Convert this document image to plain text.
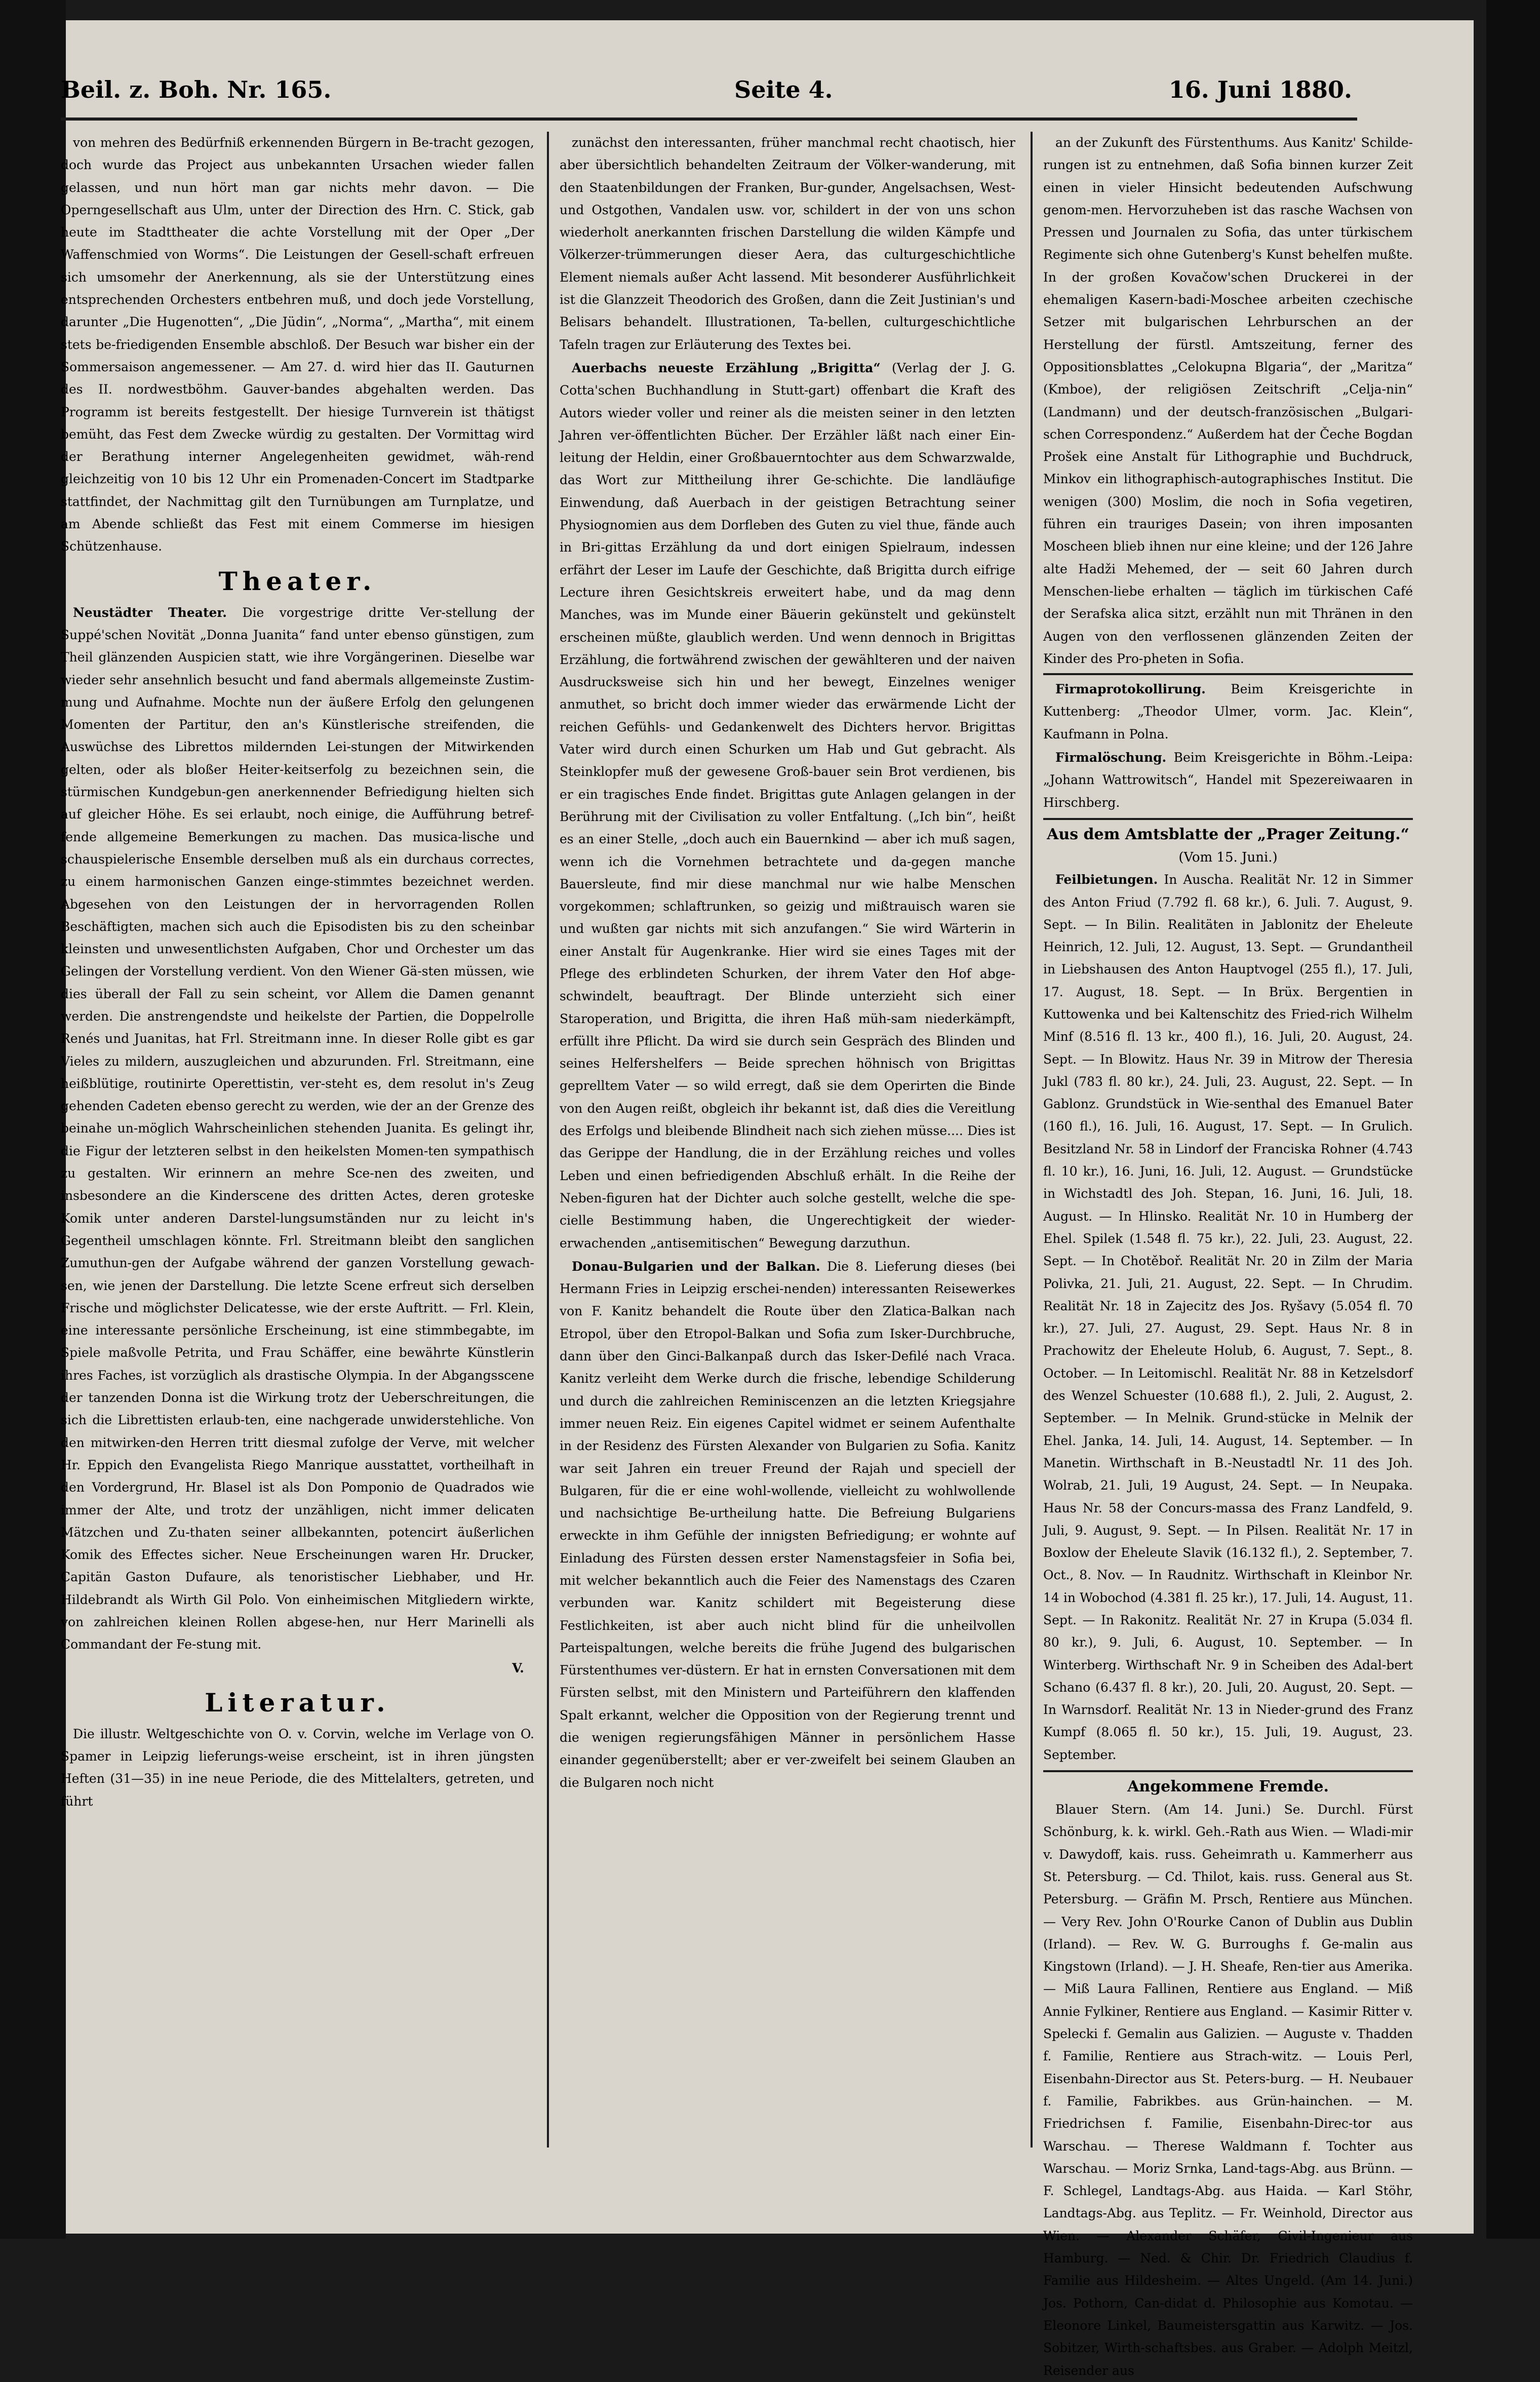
Beil. z. Boh. Nr. 165.	Seite 4.	16. Juni 1880.

von mehren des Bedürfniß erkennenden Bürgern in Be-tracht gezogen, doch wurde das Project aus unbekannten Ursachen wieder fallen gelassen, und nun hört man gar nichts mehr davon. — Die Operngesellschaft aus Ulm, unter der Direction des Hrn. C. Stick, gab heute im Stadttheater die achte Vorstellung mit der Oper „Der Waffenschmied von Worms“. Die Leistungen der Gesell-schaft erfreuen sich umsomehr der Anerkennung, als sie der Unterstützung eines entsprechenden Orchesters entbehren muß, und doch jede Vorstellung, darunter „Die Hugenotten“, „Die Jüdin“, „Norma“, „Martha“, mit einem stets be-friedigenden Ensemble abschloß. Der Besuch war bisher ein der Sommersaison angemessener. — Am 27. d. wird hier das II. Gauturnen des II. nordwestböhm. Gauver-bandes abgehalten werden. Das Programm ist bereits festgestellt. Der hiesige Turnverein ist thätigst bemüht, das Fest dem Zwecke würdig zu gestalten. Der Vormittag wird der Berathung interner Angelegenheiten gewidmet, wäh-rend gleichzeitig von 10 bis 12 Uhr ein Promenaden-Concert im Stadtparke stattfindet, der Nachmittag gilt den Turnübungen am Turnplatze, und am Abende schließt das Fest mit einem Commerse im hiesigen Schützenhause.

Theater.

Neustädter Theater. Die vorgestrige dritte Ver-stellung der Suppé'schen Novität „Donna Juanita“ fand unter ebenso günstigen, zum Theil glänzenden Auspicien statt, wie ihre Vorgängerinen. Dieselbe war wieder sehr ansehnlich besucht und fand abermals allgemeinste Zustim-mung und Aufnahme. Mochte nun der äußere Erfolg den gelungenen Momenten der Partitur, den an's Künstlerische streifenden, die Auswüchse des Librettos mildernden Lei-stungen der Mitwirkenden gelten, oder als bloßer Heiter-keitserfolg zu bezeichnen sein, die stürmischen Kundgebun-gen anerkennender Befriedigung hielten sich auf gleicher Höhe. Es sei erlaubt, noch einige, die Aufführung betref-fende allgemeine Bemerkungen zu machen. Das musica-lische und schauspielerische Ensemble derselben muß als ein durchaus correctes, zu einem harmonischen Ganzen einge-stimmtes bezeichnet werden. Abgesehen von den Leistungen der in hervorragenden Rollen Beschäftigten, machen sich auch die Episodisten bis zu den scheinbar kleinsten und unwesentlichsten Aufgaben, Chor und Orchester um das Gelingen der Vorstellung verdient. Von den Wiener Gä-sten müssen, wie dies überall der Fall zu sein scheint, vor Allem die Damen genannt werden. Die anstrengendste und heikelste der Partien, die Doppelrolle Renés und Juanitas, hat Frl. Streitmann inne. In dieser Rolle gibt es gar Vieles zu mildern, auszugleichen und abzurunden. Frl. Streitmann, eine heißblütige, routinirte Operettistin, ver-steht es, dem resolut in's Zeug gehenden Cadeten ebenso gerecht zu werden, wie der an der Grenze des beinahe un-möglich Wahrscheinlichen stehenden Juanita. Es gelingt ihr, die Figur der letzteren selbst in den heikelsten Momen-ten sympathisch zu gestalten. Wir erinnern an mehre Sce-nen des zweiten, und insbesondere an die Kinderscene des dritten Actes, deren groteske Komik unter anderen Darstel-lungsumständen nur zu leicht in's Gegentheil umschlagen könnte. Frl. Streitmann bleibt den sanglichen Zumuthun-gen der Aufgabe während der ganzen Vorstellung gewach-sen, wie jenen der Darstellung. Die letzte Scene erfreut sich derselben Frische und möglichster Delicatesse, wie der erste Auftritt. — Frl. Klein, eine interessante persönliche Erscheinung, ist eine stimmbegabte, im Spiele maßvolle Petrita, und Frau Schäffer, eine bewährte Künstlerin ihres Faches, ist vorzüglich als drastische Olympia. In der Abgangsscene der tanzenden Donna ist die Wirkung trotz der Ueberschreitungen, die sich die Librettisten erlaub-ten, eine nachgerade unwiderstehliche. Von den mitwirken-den Herren tritt diesmal zufolge der Verve, mit welcher Hr. Eppich den Evangelista Riego Manrique ausstattet, vortheilhaft in den Vordergrund, Hr. Blasel ist als Don Pomponio de Quadrados wie immer der Alte, und trotz der unzähligen, nicht immer delicaten Mätzchen und Zu-thaten seiner allbekannten, potencirt äußerlichen Komik des Effectes sicher. Neue Erscheinungen waren Hr. Drucker, Capitän Gaston Dufaure, als tenoristischer Liebhaber, und Hr. Hildebrandt als Wirth Gil Polo. Von einheimischen Mitgliedern wirkte, von zahlreichen kleinen Rollen abgese-hen, nur Herr Marinelli als Commandant der Fe-stung mit.

V.
Literatur.

Die illustr. Weltgeschichte von O. v. Corvin, welche im Verlage von O. Spamer in Leipzig lieferungs-weise erscheint, ist in ihren jüngsten Heften (31—35) in ine neue Periode, die des Mittelalters, getreten, und führt

zunächst den interessanten, früher manchmal recht chaotisch, hier aber übersichtlich behandelten Zeitraum der Völker-wanderung, mit den Staatenbildungen der Franken, Bur-gunder, Angelsachsen, West- und Ostgothen, Vandalen usw. vor, schildert in der von uns schon wiederholt anerkannten frischen Darstellung die wilden Kämpfe und Völkerzer-trümmerungen dieser Aera, das culturgeschichtliche Element niemals außer Acht lassend. Mit besonderer Ausführlichkeit ist die Glanzzeit Theodorich des Großen, dann die Zeit Justinian's und Belisars behandelt. Illustrationen, Ta-bellen, culturgeschichtliche Tafeln tragen zur Erläuterung des Textes bei.

Auerbachs neueste Erzählung „Brigitta“ (Verlag der J. G. Cotta'schen Buchhandlung in Stutt-gart) offenbart die Kraft des Autors wieder voller und reiner als die meisten seiner in den letzten Jahren ver-öffentlichten Bücher. Der Erzähler läßt nach einer Ein-leitung der Heldin, einer Großbauerntochter aus dem Schwarzwalde, das Wort zur Mittheilung ihrer Ge-schichte. Die landläufige Einwendung, daß Auerbach in der geistigen Betrachtung seiner Physiognomien aus dem Dorfleben des Guten zu viel thue, fände auch in Bri-gittas Erzählung da und dort einigen Spielraum, indessen erfährt der Leser im Laufe der Geschichte, daß Brigitta durch eifrige Lecture ihren Gesichtskreis erweitert habe, und da mag denn Manches, was im Munde einer Bäuerin gekünstelt und gekünstelt erscheinen müßte, glaublich werden. Und wenn dennoch in Brigittas Erzählung, die fortwährend zwischen der gewählteren und der naiven Ausdrucksweise sich hin und her bewegt, Einzelnes weniger anmuthet, so bricht doch immer wieder das erwärmende Licht der reichen Gefühls- und Gedankenwelt des Dichters hervor. Brigittas Vater wird durch einen Schurken um Hab und Gut gebracht. Als Steinklopfer muß der gewesene Groß-bauer sein Brot verdienen, bis er ein tragisches Ende findet. Brigittas gute Anlagen gelangen in der Berührung mit der Civilisation zu voller Entfaltung. („Ich bin“, heißt es an einer Stelle, „doch auch ein Bauernkind — aber ich muß sagen, wenn ich die Vornehmen betrachtete und da-gegen manche Bauersleute, find mir diese manchmal nur wie halbe Menschen vorgekommen; schlaftrunken, so geizig und mißtrauisch waren sie und wußten gar nichts mit sich anzufangen.“ Sie wird Wärterin in einer Anstalt für Augenkranke. Hier wird sie eines Tages mit der Pflege des erblindeten Schurken, der ihrem Vater den Hof abge-schwindelt, beauftragt. Der Blinde unterzieht sich einer Staroperation, und Brigitta, die ihren Haß müh-sam niederkämpft, erfüllt ihre Pflicht. Da wird sie durch sein Gespräch des Blinden und seines Helfershelfers — Beide sprechen höhnisch von Brigittas geprelltem Vater — so wild erregt, daß sie dem Operirten die Binde von den Augen reißt, obgleich ihr bekannt ist, daß dies die Vereitlung des Erfolgs und bleibende Blindheit nach sich ziehen müsse.... Dies ist das Gerippe der Handlung, die in der Erzählung reiches und volles Leben und einen befriedigenden Abschluß erhält. In die Reihe der Neben-figuren hat der Dichter auch solche gestellt, welche die spe-cielle Bestimmung haben, die Ungerechtigkeit der wieder-erwachenden „antisemitischen“ Bewegung darzuthun.

Donau-Bulgarien und der Balkan. Die 8. Lieferung dieses (bei Hermann Fries in Leipzig erschei-nenden) interessanten Reisewerkes von F. Kanitz behandelt die Route über den Zlatica-Balkan nach Etropol, über den Etropol-Balkan und Sofia zum Isker-Durchbruche, dann über den Ginci-Balkanpaß durch das Isker-Defilé nach Vraca. Kanitz verleiht dem Werke durch die frische, lebendige Schilderung und durch die zahlreichen Reminiscenzen an die letzten Kriegsjahre immer neuen Reiz. Ein eigenes Capitel widmet er seinem Aufenthalte in der Residenz des Fürsten Alexander von Bulgarien zu Sofia. Kanitz war seit Jahren ein treuer Freund der Rajah und speciell der Bulgaren, für die er eine wohl-wollende, vielleicht zu wohlwollende und nachsichtige Be-urtheilung hatte. Die Befreiung Bulgariens erweckte in ihm Gefühle der innigsten Befriedigung; er wohnte auf Einladung des Fürsten dessen erster Namenstagsfeier in Sofia bei, mit welcher bekanntlich auch die Feier des Namenstags des Czaren verbunden war. Kanitz schildert mit Begeisterung diese Festlichkeiten, ist aber auch nicht blind für die unheilvollen Parteispaltungen, welche bereits die frühe Jugend des bulgarischen Fürstenthumes ver-düstern. Er hat in ernsten Conversationen mit dem Fürsten selbst, mit den Ministern und Parteiführern den klaffenden Spalt erkannt, welcher die Opposition von der Regierung trennt und die wenigen regierungsfähigen Männer in persönlichem Hasse einander gegenüberstellt; aber er ver-zweifelt bei seinem Glauben an die Bulgaren noch nicht

an der Zukunft des Fürstenthums. Aus Kanitz' Schilde-rungen ist zu entnehmen, daß Sofia binnen kurzer Zeit einen in vieler Hinsicht bedeutenden Aufschwung genom-men. Hervorzuheben ist das rasche Wachsen von Pressen und Journalen zu Sofia, das unter türkischem Regimente sich ohne Gutenberg's Kunst behelfen mußte. In der großen Kovačow'schen Druckerei in der ehemaligen Kasern-badi-Moschee arbeiten czechische Setzer mit bulgarischen Lehrburschen an der Herstellung der fürstl. Amtszeitung, ferner des Oppositionsblattes „Celokupna Blgaria“, der „Maritza“ (Kmboe), der religiösen Zeitschrift „Celja-nin“ (Landmann) und der deutsch-französischen „Bulgari-schen Correspondenz.“ Außerdem hat der Čeche Bogdan Prošek eine Anstalt für Lithographie und Buchdruck, Minkov ein lithographisch-autographisches Institut. Die wenigen (300) Moslim, die noch in Sofia vegetiren, führen ein trauriges Dasein; von ihren imposanten Moscheen blieb ihnen nur eine kleine; und der 126 Jahre alte Hadži Mehemed, der — seit 60 Jahren durch Menschen-liebe erhalten — täglich im türkischen Café der Serafska alica sitzt, erzählt nun mit Thränen in den Augen von den verflossenen glänzenden Zeiten der Kinder des Pro-pheten in Sofia.

Firmaprotokollirung. Beim Kreisgerichte in Kuttenberg: „Theodor Ulmer, vorm. Jac. Klein“, Kaufmann in Polna.

Firmalöschung. Beim Kreisgerichte in Böhm.-Leipa: „Johann Wattrowitsch“, Handel mit Spezereiwaaren in Hirschberg.

Aus dem Amtsblatte der „Prager Zeitung.“
(Vom 15. Juni.)

Feilbietungen. In Auscha. Realität Nr. 12 in Simmer des Anton Friud (7.792 fl. 68 kr.), 6. Juli. 7. August, 9. Sept. — In Bilin. Realitäten in Jablonitz der Eheleute Heinrich, 12. Juli, 12. August, 13. Sept. — Grundantheil in Liebshausen des Anton Hauptvogel (255 fl.), 17. Juli, 17. August, 18. Sept. — In Brüx. Bergentien in Kuttowenka und bei Kaltenschitz des Fried-rich Wilhelm Minf (8.516 fl. 13 kr., 400 fl.), 16. Juli, 20. August, 24. Sept. — In Blowitz. Haus Nr. 39 in Mitrow der Theresia Jukl (783 fl. 80 kr.), 24. Juli, 23. August, 22. Sept. — In Gablonz. Grundstück in Wie-senthal des Emanuel Bater (160 fl.), 16. Juli, 16. August, 17. Sept. — In Grulich. Besitzland Nr. 58 in Lindorf der Franciska Rohner (4.743 fl. 10 kr.), 16. Juni, 16. Juli, 12. August. — Grundstücke in Wichstadtl des Joh. Stepan, 16. Juni, 16. Juli, 18. August. — In Hlinsko. Realität Nr. 10 in Humberg der Ehel. Spilek (1.548 fl. 75 kr.), 22. Juli, 23. August, 22. Sept. — In Chotěboř. Realität Nr. 20 in Zilm der Maria Polivka, 21. Juli, 21. August, 22. Sept. — In Chrudim. Realität Nr. 18 in Zajecitz des Jos. Ryšavy (5.054 fl. 70 kr.), 27. Juli, 27. August, 29. Sept. Haus Nr. 8 in Prachowitz der Eheleute Holub, 6. August, 7. Sept., 8. October. — In Leitomischl. Realität Nr. 88 in Ketzelsdorf des Wenzel Schuester (10.688 fl.), 2. Juli, 2. August, 2. September. — In Melnik. Grund-stücke in Melnik der Ehel. Janka, 14. Juli, 14. August, 14. September. — In Manetin. Wirthschaft in B.-Neustadtl Nr. 11 des Joh. Wolrab, 21. Juli, 19 August, 24. Sept. — In Neupaka. Haus Nr. 58 der Concurs-massa des Franz Landfeld, 9. Juli, 9. August, 9. Sept. — In Pilsen. Realität Nr. 17 in Boxlow der Eheleute Slavik (16.132 fl.), 2. September, 7. Oct., 8. Nov. — In Raudnitz. Wirthschaft in Kleinbor Nr. 14 in Wobochod (4.381 fl. 25 kr.), 17. Juli, 14. August, 11. Sept. — In Rakonitz. Realität Nr. 27 in Krupa (5.034 fl. 80 kr.), 9. Juli, 6. August, 10. September. — In Winterberg. Wirthschaft Nr. 9 in Scheiben des Adal-bert Schano (6.437 fl. 8 kr.), 20. Juli, 20. August, 20. Sept. — In Warnsdorf. Realität Nr. 13 in Nieder-grund des Franz Kumpf (8.065 fl. 50 kr.), 15. Juli, 19. August, 23. September.

Angekommene Fremde.

Blauer Stern. (Am 14. Juni.) Se. Durchl. Fürst Schönburg, k. k. wirkl. Geh.-Rath aus Wien. — Wladi-mir v. Dawydoff, kais. russ. Geheimrath u. Kammerherr aus St. Petersburg. — Cd. Thilot, kais. russ. General aus St. Petersburg. — Gräfin M. Prsch, Rentiere aus München. — Very Rev. John O'Rourke Canon of Dublin aus Dublin (Irland). — Rev. W. G. Burroughs f. Ge-malin aus Kingstown (Irland). — J. H. Sheafe, Ren-tier aus Amerika. — Miß Laura Fallinen, Rentiere aus England. — Miß Annie Fylkiner, Rentiere aus England. — Kasimir Ritter v. Spelecki f. Gemalin aus Galizien. — Auguste v. Thadden f. Familie, Rentiere aus Strach-witz. — Louis Perl, Eisenbahn-Director aus St. Peters-burg. — H. Neubauer f. Familie, Fabrikbes. aus Grün-hainchen. — M. Friedrichsen f. Familie, Eisenbahn-Direc-tor aus Warschau. — Therese Waldmann f. Tochter aus Warschau. — Moriz Srnka, Land-tags-Abg. aus Brünn. — F. Schlegel, Landtags-Abg. aus Haida. — Karl Stöhr, Landtags-Abg. aus Teplitz. — Fr. Weinhold, Director aus Wien. — Alexander Schäfer, Civil-Ingenieur aus Hamburg. — Ned. & Chir. Dr. Friedrich Claudius f. Familie aus Hildesheim. — Altes Ungeld. (Am 14. Juni.) Jos. Pothorn, Can-didat d. Philosophie aus Komotau. — Eleonore Linkel, Baumeistersgattin aus Karwitz. — Jos. Sobitzer, Wirth-schaftsbes. aus Graber. — Adolph Meitzl, Reisender aus
